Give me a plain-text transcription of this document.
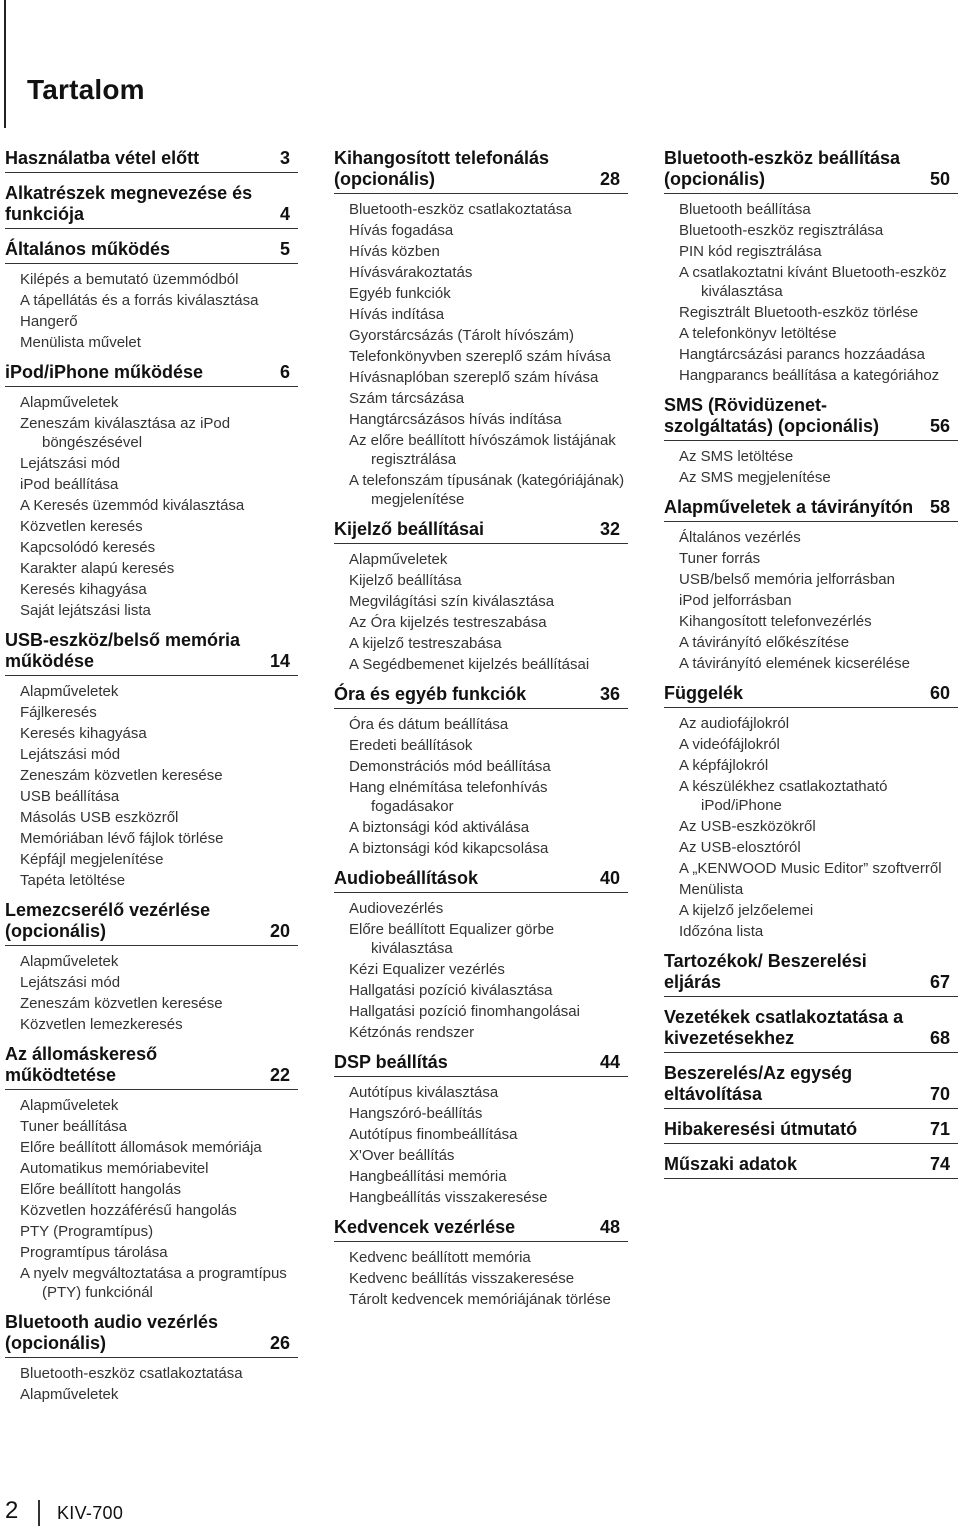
Tartalom
Használatba vétel előtt	3
Alkatrészek megnevezése és funkciója	4
Általános működés	5
Kilépés a bemutató üzemmódból
A tápellátás és a forrás kiválasztása
Hangerő
Menülista művelet
iPod/iPhone működése	6
Alapműveletek
Zeneszám kiválasztása az iPod böngészésével
Lejátszási mód
iPod beállítása
A Keresés üzemmód kiválasztása
Közvetlen keresés
Kapcsolódó keresés
Karakter alapú keresés
Keresés kihagyása
Saját lejátszási lista
USB-eszköz/belső memória működése	14
Alapműveletek
Fájlkeresés
Keresés kihagyása
Lejátszási mód
Zeneszám közvetlen keresése
USB beállítása
Másolás USB eszközről
Memóriában lévő fájlok törlése
Képfájl megjelenítése
Tapéta letöltése
Lemezcserélő vezérlése (opcionális)	20
Alapműveletek
Lejátszási mód
Zeneszám közvetlen keresése
Közvetlen lemezkeresés
Az állomáskereső működtetése	22
Alapműveletek
Tuner beállítása
Előre beállított állomások memóriája
Automatikus memóriabevitel
Előre beállított hangolás
Közvetlen hozzáférésű hangolás
PTY (Programtípus)
Programtípus tárolása
A nyelv megváltoztatása a programtípus (PTY) funkciónál
Bluetooth audio vezérlés (opcionális)	26
Bluetooth-eszköz csatlakoztatása
Alapműveletek
Kihangosított telefonálás (opcionális)	28
Bluetooth-eszköz csatlakoztatása
Hívás fogadása
Hívás közben
Hívásvárakoztatás
Egyéb funkciók
Hívás indítása
Gyorstárcsázás (Tárolt hívószám)
Telefonkönyvben szereplő szám hívása
Hívásnaplóban szereplő szám hívása
Szám tárcsázása
Hangtárcsázásos hívás indítása
Az előre beállított hívószámok listájának regisztrálása
A telefonszám típusának (kategóriájának) megjelenítése
Kijelző beállításai	32
Alapműveletek
Kijelző beállítása
Megvilágítási szín kiválasztása
Az Óra kijelzés testreszabása
A kijelző testreszabása
A Segédbemenet kijelzés beállításai
Óra és egyéb funkciók	36
Óra és dátum beállítása
Eredeti beállítások
Demonstrációs mód beállítása
Hang elnémítása telefonhívás fogadásakor
A biztonsági kód aktiválása
A biztonsági kód kikapcsolása
Audiobeállítások	40
Audiovezérlés
Előre beállított Equalizer görbe kiválasztása
Kézi Equalizer vezérlés
Hallgatási pozíció kiválasztása
Hallgatási pozíció finomhangolásai
Kétzónás rendszer
DSP beállítás	44
Autótípus kiválasztása
Hangszóró-beállítás
Autótípus finombeállítása
X'Over beállítás
Hangbeállítási memória
Hangbeállítás visszakeresése
Kedvencek vezérlése	48
Kedvenc beállított memória
Kedvenc beállítás visszakeresése
Tárolt kedvencek memóriájának törlése
Bluetooth-eszköz beállítása (opcionális)	50
Bluetooth beállítása
Bluetooth-eszköz regisztrálása
PIN kód regisztrálása
A csatlakoztatni kívánt Bluetooth-eszköz kiválasztása
Regisztrált Bluetooth-eszköz törlése
A telefonkönyv letöltése
Hangtárcsázási parancs hozzáadása
Hangparancs beállítása a kategóriához
SMS (Rövidüzenet-szolgáltatás) (opcionális)	56
Az SMS letöltése
Az SMS megjelenítése
Alapműveletek a távirányítón 58
Általános vezérlés
Tuner forrás
USB/belső memória jelforrásban
iPod jelforrásban
Kihangosított telefonvezérlés
A távirányító előkészítése
A távirányító elemének kicserélése
Függelék	60
Az audiofájlokról
A videófájlokról
A képfájlokról
A készülékhez csatlakoztatható iPod/iPhone
Az USB-eszközökről
Az USB-elosztóról
A „KENWOOD Music Editor” szoftverről
Menülista
A kijelző jelzőelemei
Időzóna lista
Tartozékok/ Beszerelési eljárás	67
Vezetékek csatlakoztatása a kivezetésekhez	68
Beszerelés/Az egység eltávolítása	70
Hibakeresési útmutató	71
Műszaki adatok	74
2 KIV-700
